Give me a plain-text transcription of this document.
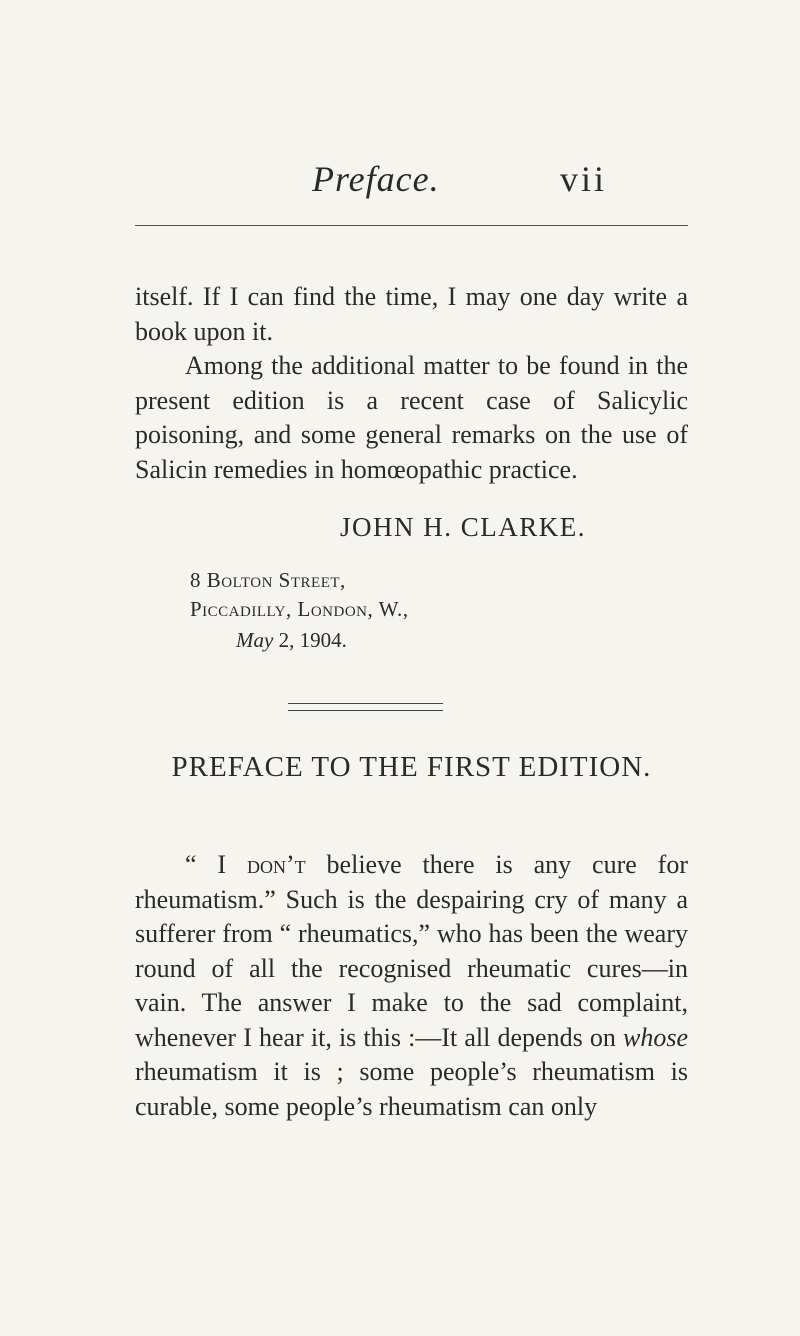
Preface.	vii

itself. If I can find the time, I may one day write a book upon it.

Among the additional matter to be found in the present edition is a recent case of Salicylic poisoning, and some general remarks on the use of Salicin remedies in homœopathic practice.

JOHN H. CLARKE.
8 Bolton Street,
Piccadilly, London, W.,
May 2, 1904.
PREFACE TO THE FIRST EDITION.

“ I don’t believe there is any cure for rheumatism.” Such is the despairing cry of many a sufferer from “ rheumatics,” who has been the weary round of all the recognised rheumatic cures—in vain. The answer I make to the sad complaint, whenever I hear it, is this :—It all depends on whose rheumatism it is ; some people’s rheumatism is curable, some people’s rheumatism can only
